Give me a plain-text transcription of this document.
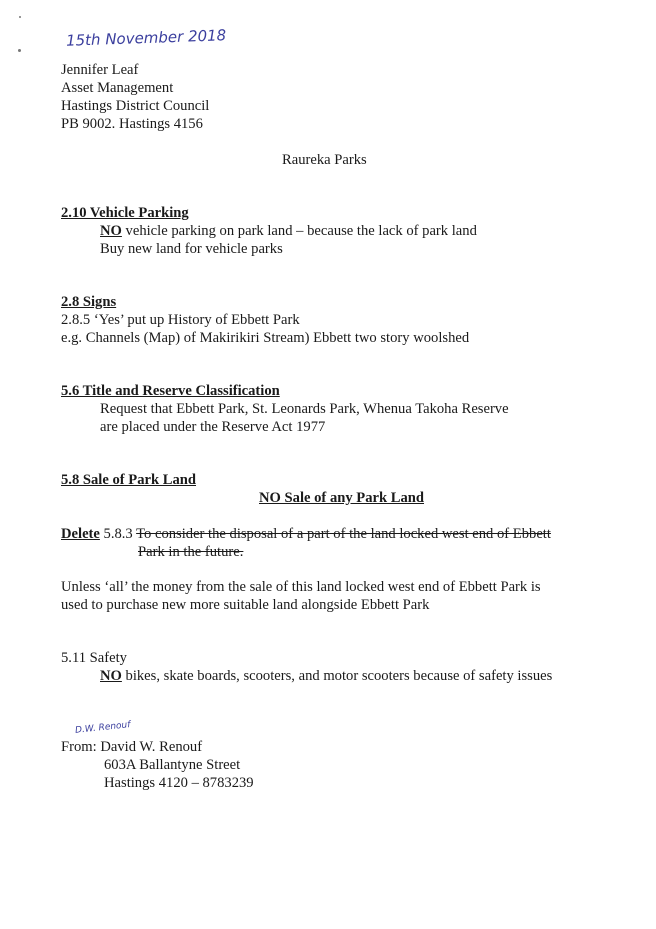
15th November 2018
Jennifer Leaf
Asset Management
Hastings District Council
PB 9002. Hastings 4156
Raureka Parks
2.10 Vehicle Parking
NO vehicle parking on park land – because the lack of park land
Buy new land for vehicle parks
2.8 Signs
2.8.5 ‘Yes’ put up History of Ebbett Park
e.g. Channels (Map) of Makirikiri Stream) Ebbett two story woolshed
5.6 Title and Reserve Classification
Request that Ebbett Park, St. Leonards Park, Whenua Takoha Reserve
are placed under the Reserve Act 1977
5.8 Sale of Park Land
NO Sale of any Park Land
Delete 5.8.3 To consider the disposal of a part of the land locked west end of Ebbett
Park in the future.
Unless ‘all’ the money from the sale of this land locked west end of Ebbett Park is
used to purchase new more suitable land alongside Ebbett Park
5.11 Safety
NO bikes, skate boards, scooters, and motor scooters because of safety issues
D.W. Renouf
From: David W. Renouf
603A Ballantyne Street
Hastings 4120 – 8783239
